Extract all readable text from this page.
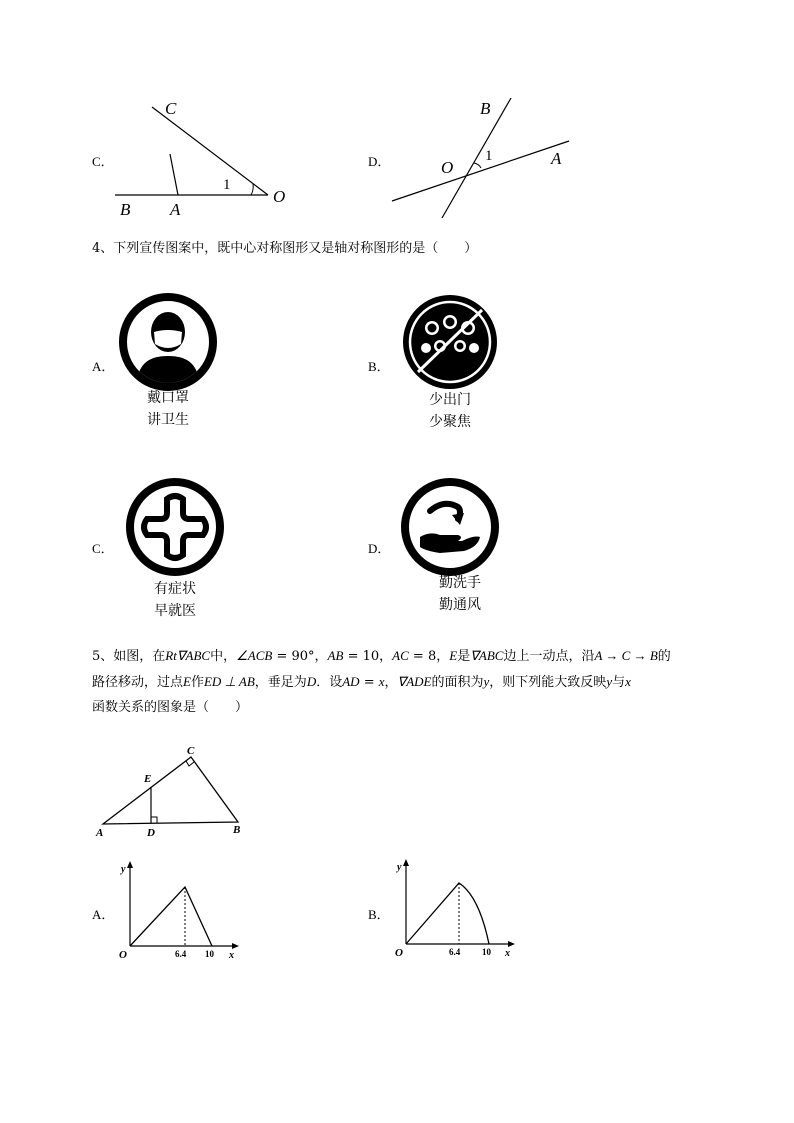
C．
C
1
O
B A
D．
B
1
O	A
4、下列宣传图案中，既中心对称图形又是轴对称图形的是（　　）
A．
戴口罩
讲卫生
B．
少出门
少聚焦
C．
有症状
早就医
D．
勤洗手
勤通风
5、如图，在Rt∇ABC中，∠ACB = 90°，AB = 10，AC = 8，E是∇ABC边上一动点，沿A → C → B的
路径移动，过点E作ED ⊥ AB，垂足为D．设AD = x，∇ADE的面积为y，则下列能大致反映y与x
函数关系的图象是（　　）
C
E
A	D	B
A．
y
x
O	6.4 10
B．
y
x
O	6.4 10
